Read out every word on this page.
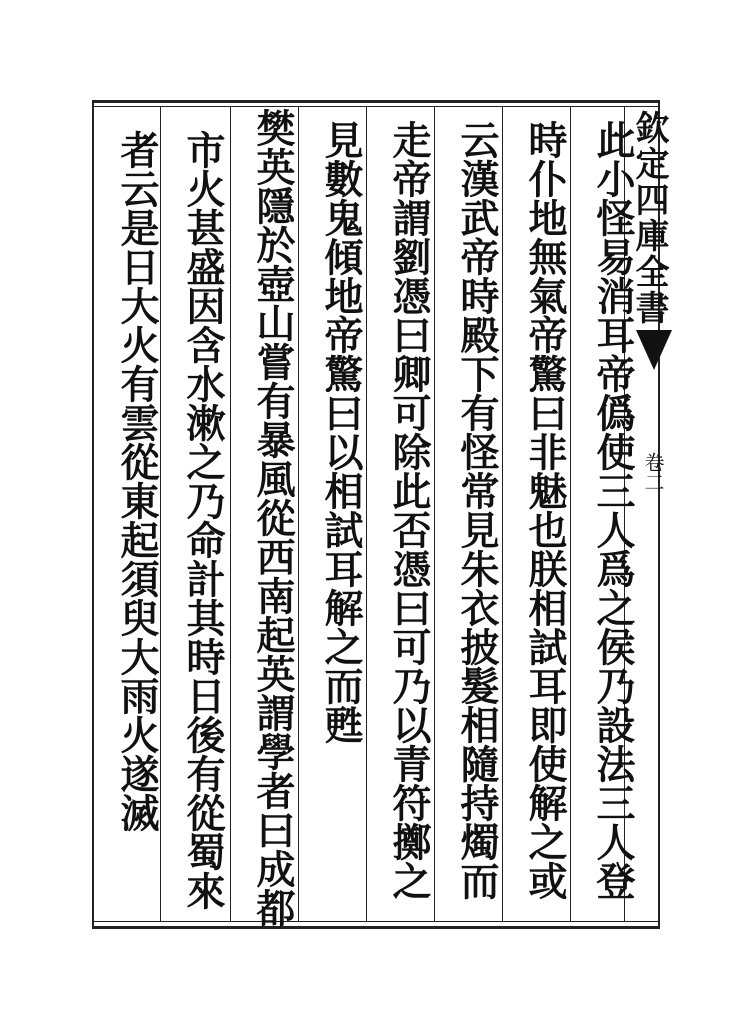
欽定四庫全書
卷二
此小怪易消耳帝僞使三人爲之侯乃設法三人登
時仆地無氣帝驚曰非魅也朕相試耳即使解之或
云漢武帝時殿下有怪常見朱衣披髮相隨持燭而
走帝謂劉憑曰卿可除此否憑曰可乃以青符擲之
見數鬼傾地帝驚曰以相試耳解之而甦
樊英隱於壺山嘗有暴風從西南起英謂學者曰成都
市火甚盛因含水漱之乃命計其時日後有從蜀來
者云是日大火有雲從東起須臾大雨火遂滅
